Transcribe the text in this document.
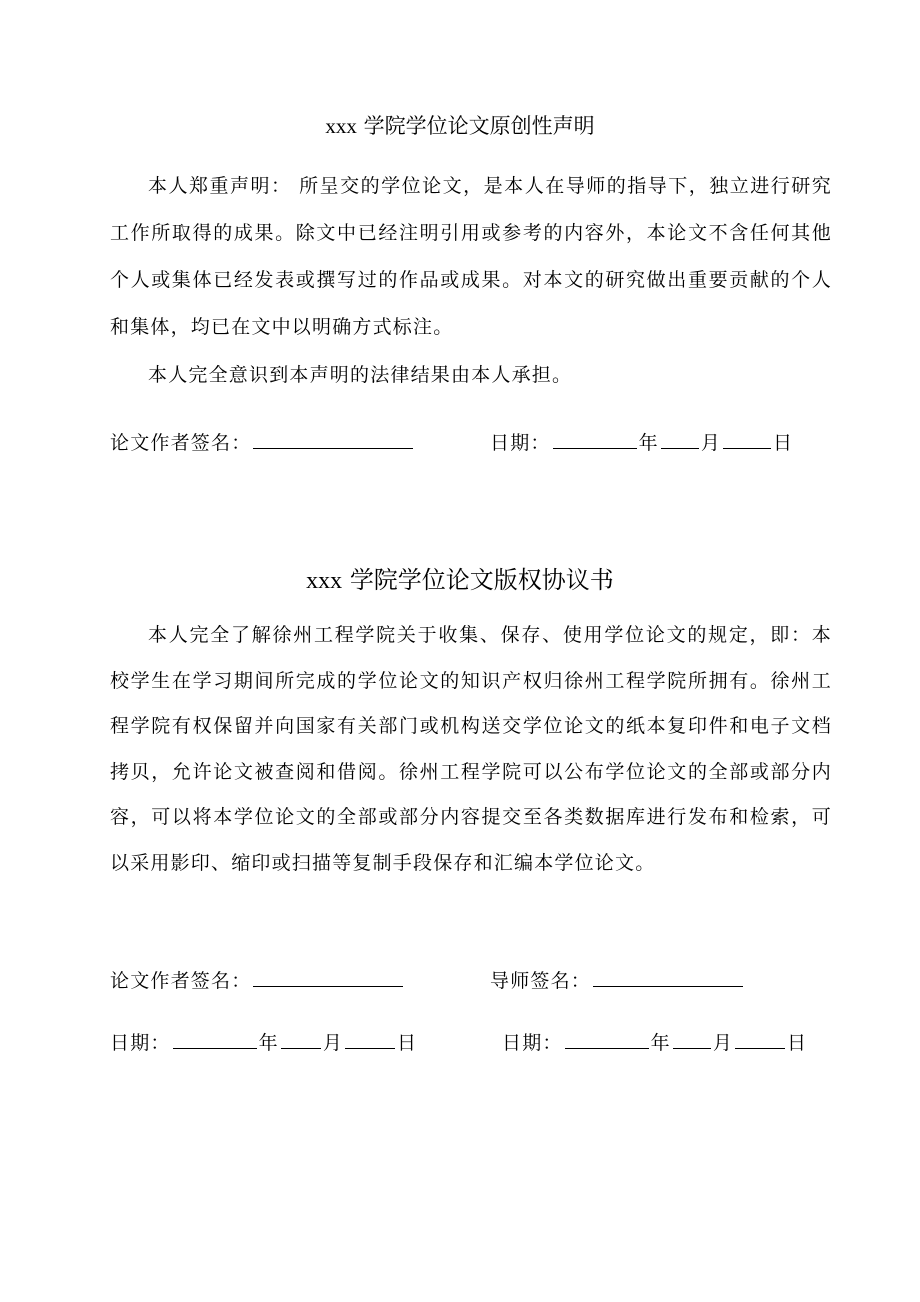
xxx 学院学位论文原创性声明
本人郑重声明： 所呈交的学位论文，是本人在导师的指导下，独立进行研究工作所取得的成果。除文中已经注明引用或参考的内容外，本论文不含任何其他个人或集体已经发表或撰写过的作品或成果。对本文的研究做出重要贡献的个人和集体，均已在文中以明确方式标注。
本人完全意识到本声明的法律结果由本人承担。
论文作者签名：	日期：	年 月	日
xxx 学院学位论文版权协议书
本人完全了解徐州工程学院关于收集、保存、使用学位论文的规定，即：本校学生在学习期间所完成的学位论文的知识产权归徐州工程学院所拥有。徐州工程学院有权保留并向国家有关部门或机构送交学位论文的纸本复印件和电子文档拷贝，允许论文被查阅和借阅。徐州工程学院可以公布学位论文的全部或部分内容，可以将本学位论文的全部或部分内容提交至各类数据库进行发布和检索，可以采用影印、缩印或扫描等复制手段保存和汇编本学位论文。
论文作者签名：	导师签名：
日期：	年 月	日	日期：	年 月	日
